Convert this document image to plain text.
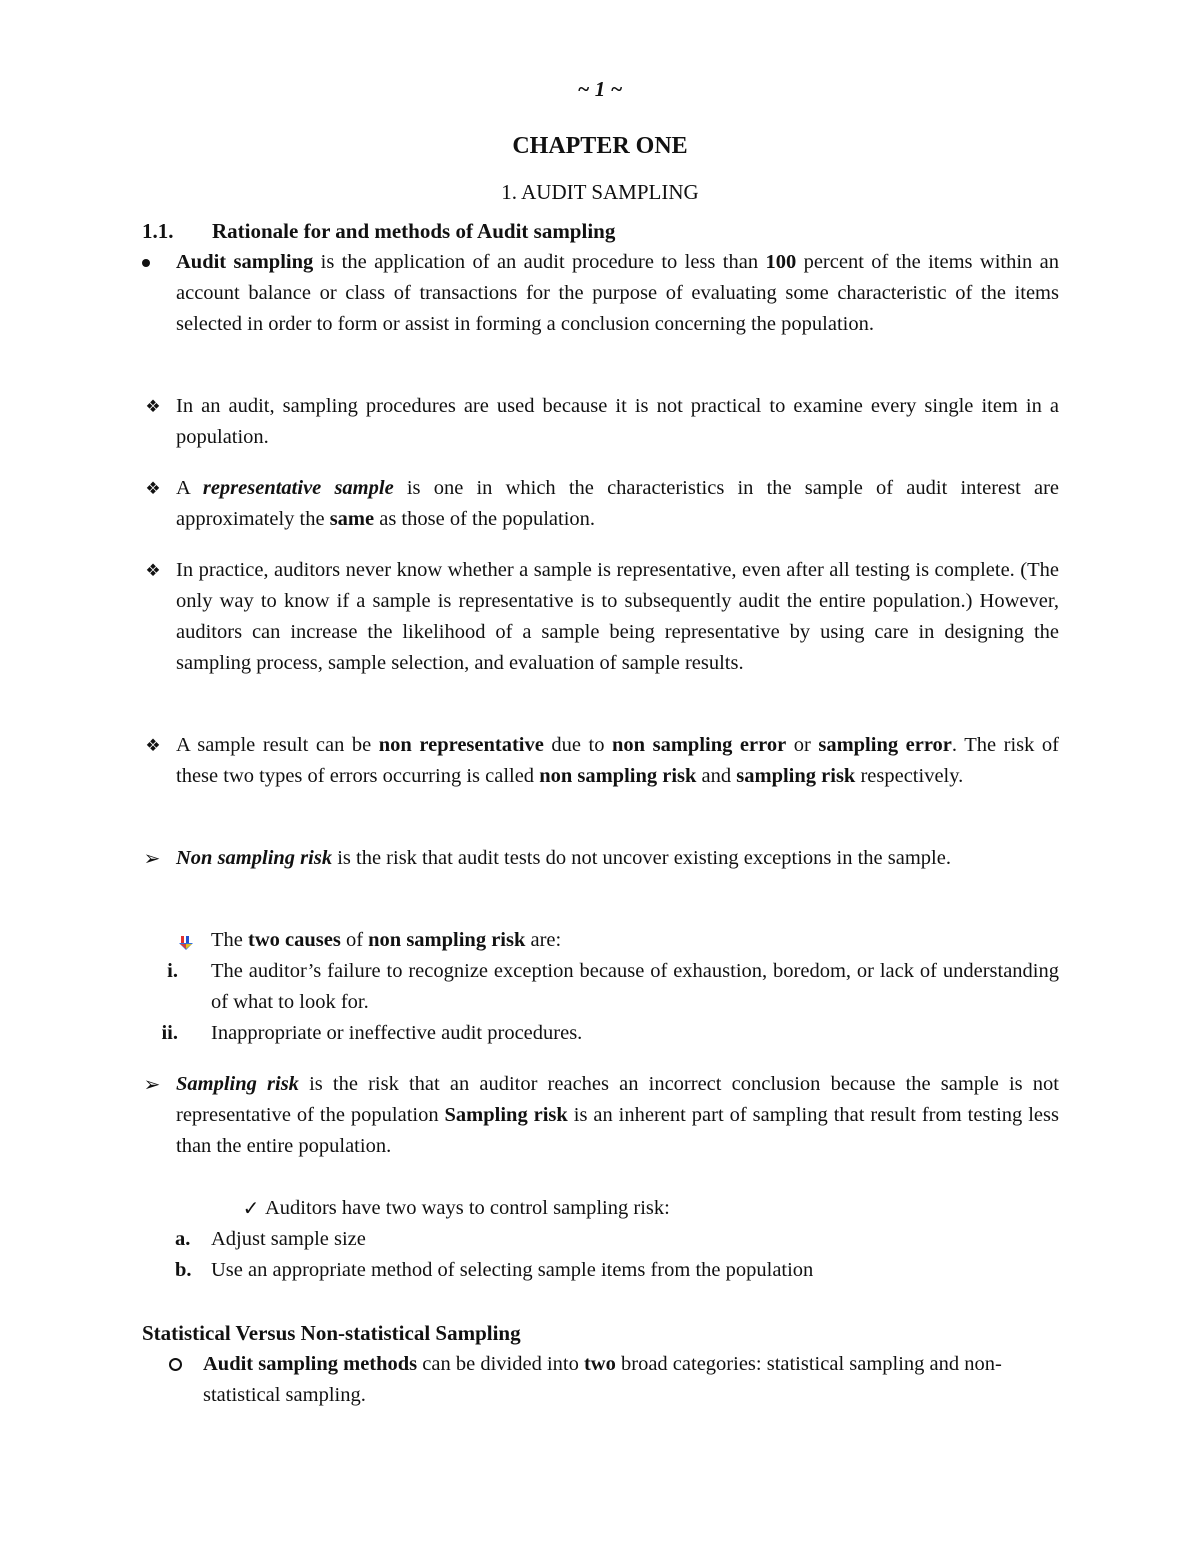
~ 1 ~
CHAPTER ONE
1. AUDIT SAMPLING
1.1. Rationale for and methods of Audit sampling

Audit sampling is the application of an audit procedure to less than 100 percent of the items within an account balance or class of transactions for the purpose of evaluating some characteristic of the items selected in order to form or assist in forming a conclusion concerning the population.

❖ In an audit, sampling procedures are used because it is not practical to examine every single item in a population.

❖ A representative sample is one in which the characteristics in the sample of audit interest are approximately the same as those of the population.

❖ In practice, auditors never know whether a sample is representative, even after all testing is complete. (The only way to know if a sample is representative is to subsequently audit the entire population.) However, auditors can increase the likelihood of a sample being representative by using care in designing the sampling process, sample selection, and evaluation of sample results.

❖ A sample result can be non representative due to non sampling error or sampling error. The risk of these two types of errors occurring is called non sampling risk and sampling risk respectively.

➢ Non sampling risk is the risk that audit tests do not uncover existing exceptions in the sample.

The two causes of non sampling risk are:

i. The auditor’s failure to recognize exception because of exhaustion, boredom, or lack of understanding of what to look for.
ii. Inappropriate or ineffective audit procedures.
➢ Sampling risk is the risk that an auditor reaches an incorrect conclusion because the sample is not representative of the population Sampling risk is an inherent part of sampling that result from testing less than the entire population.

✓ Auditors have two ways to control sampling risk:
a. Adjust sample size
b. Use an appropriate method of selecting sample items from the population
Statistical Versus Non-statistical Sampling

Audit sampling methods can be divided into two broad categories: statistical sampling and non-statistical sampling.
